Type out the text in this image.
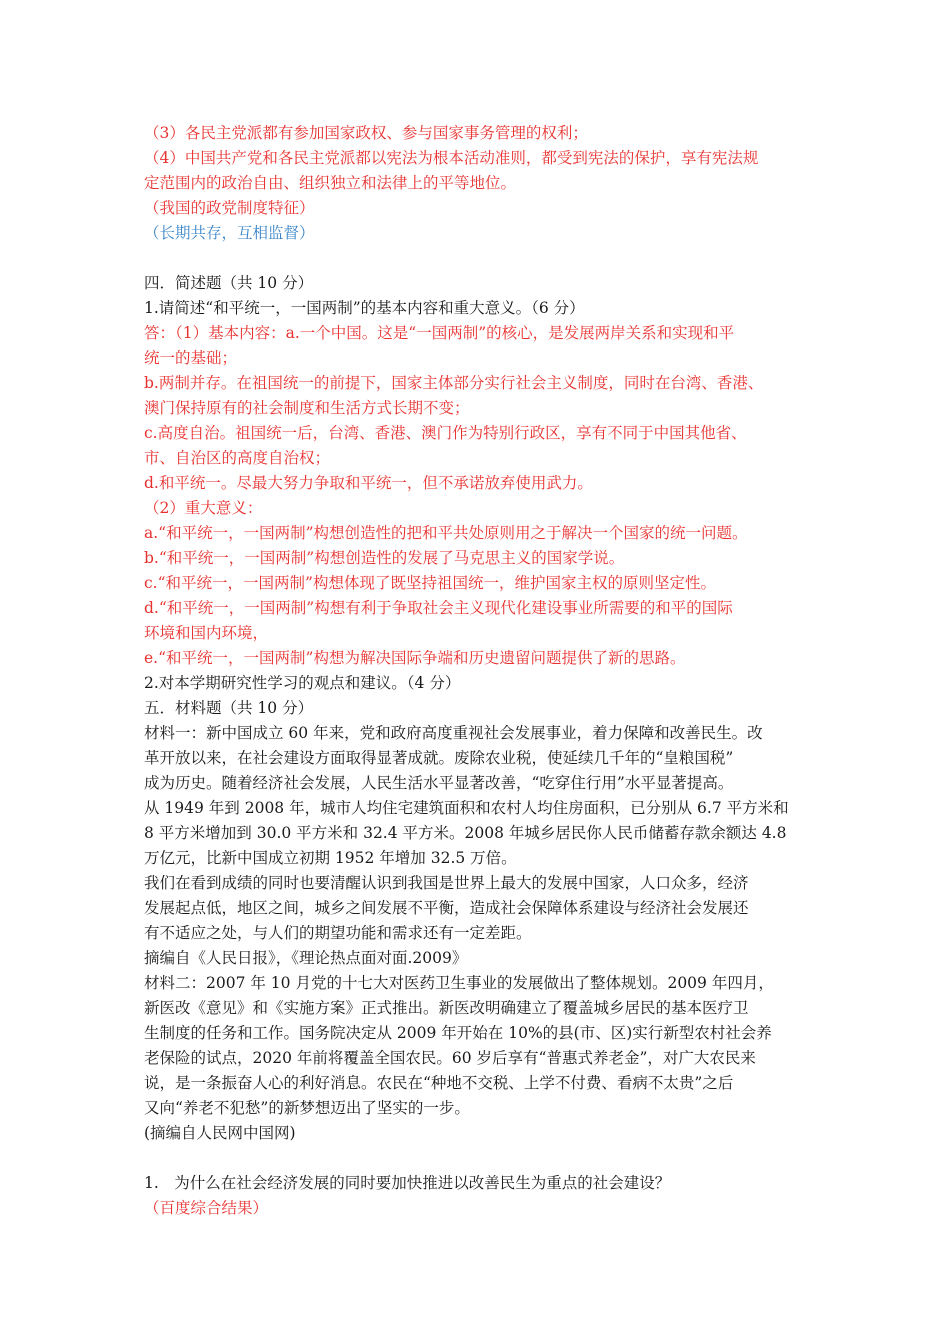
（3）各民主党派都有参加国家政权、参与国家事务管理的权利；
（4）中国共产党和各民主党派都以宪法为根本活动准则，都受到宪法的保护，享有宪法规
定范围内的政治自由、组织独立和法律上的平等地位。
（我国的政党制度特征）
（长期共存，互相监督）
四．简述题（共 10 分）
1.请简述“和平统一，一国两制”的基本内容和重大意义。（6 分）
答：（1）基本内容：a.一个中国。这是“一国两制”的核心，是发展两岸关系和实现和平
统一的基础；
b.两制并存。在祖国统一的前提下，国家主体部分实行社会主义制度，同时在台湾、香港、
澳门保持原有的社会制度和生活方式长期不变；
c.高度自治。祖国统一后，台湾、香港、澳门作为特别行政区，享有不同于中国其他省、
市、自治区的高度自治权；
d.和平统一。尽最大努力争取和平统一，但不承诺放弃使用武力。
（2）重大意义：
a.“和平统一，一国两制”构想创造性的把和平共处原则用之于解决一个国家的统一问题。
b.“和平统一，一国两制”构想创造性的发展了马克思主义的国家学说。
c.“和平统一，一国两制”构想体现了既坚持祖国统一，维护国家主权的原则坚定性。
d.“和平统一，一国两制”构想有利于争取社会主义现代化建设事业所需要的和平的国际
环境和国内环境，
e.“和平统一，一国两制”构想为解决国际争端和历史遗留问题提供了新的思路。
2.对本学期研究性学习的观点和建议。（4 分）
五．材料题（共 10 分）
材料一：新中国成立 60 年来，党和政府高度重视社会发展事业，着力保障和改善民生。改
革开放以来，在社会建设方面取得显著成就。废除农业税，使延续几千年的“皇粮国税”
成为历史。随着经济社会发展，人民生活水平显著改善，“吃穿住行用”水平显著提高。
从 1949 年到 2008 年，城市人均住宅建筑面积和农村人均住房面积，已分别从 6.7 平方米和
8 平方米增加到 30.0 平方米和 32.4 平方米。2008 年城乡居民你人民币储蓄存款余额达 4.8
万亿元，比新中国成立初期 1952 年增加 32.5 万倍。
我们在看到成绩的同时也要清醒认识到我国是世界上最大的发展中国家，人口众多，经济
发展起点低，地区之间，城乡之间发展不平衡，造成社会保障体系建设与经济社会发展还
有不适应之处，与人们的期望功能和需求还有一定差距。
摘编自《人民日报》，《理论热点面对面.2009》
材料二：2007 年 10 月党的十七大对医药卫生事业的发展做出了整体规划。2009 年四月，
新医改《意见》和《实施方案》正式推出。新医改明确建立了覆盖城乡居民的基本医疗卫
生制度的任务和工作。国务院决定从 2009 年开始在 10%的县(市、区)实行新型农村社会养
老保险的试点，2020 年前将覆盖全国农民。60 岁后享有“普惠式养老金”，对广大农民来
说，是一条振奋人心的利好消息。农民在“种地不交税、上学不付费、看病不太贵”之后
又向“养老不犯愁”的新梦想迈出了坚实的一步。
(摘编自人民网中国网)
1.　为什么在社会经济发展的同时要加快推进以改善民生为重点的社会建设？
（百度综合结果）
